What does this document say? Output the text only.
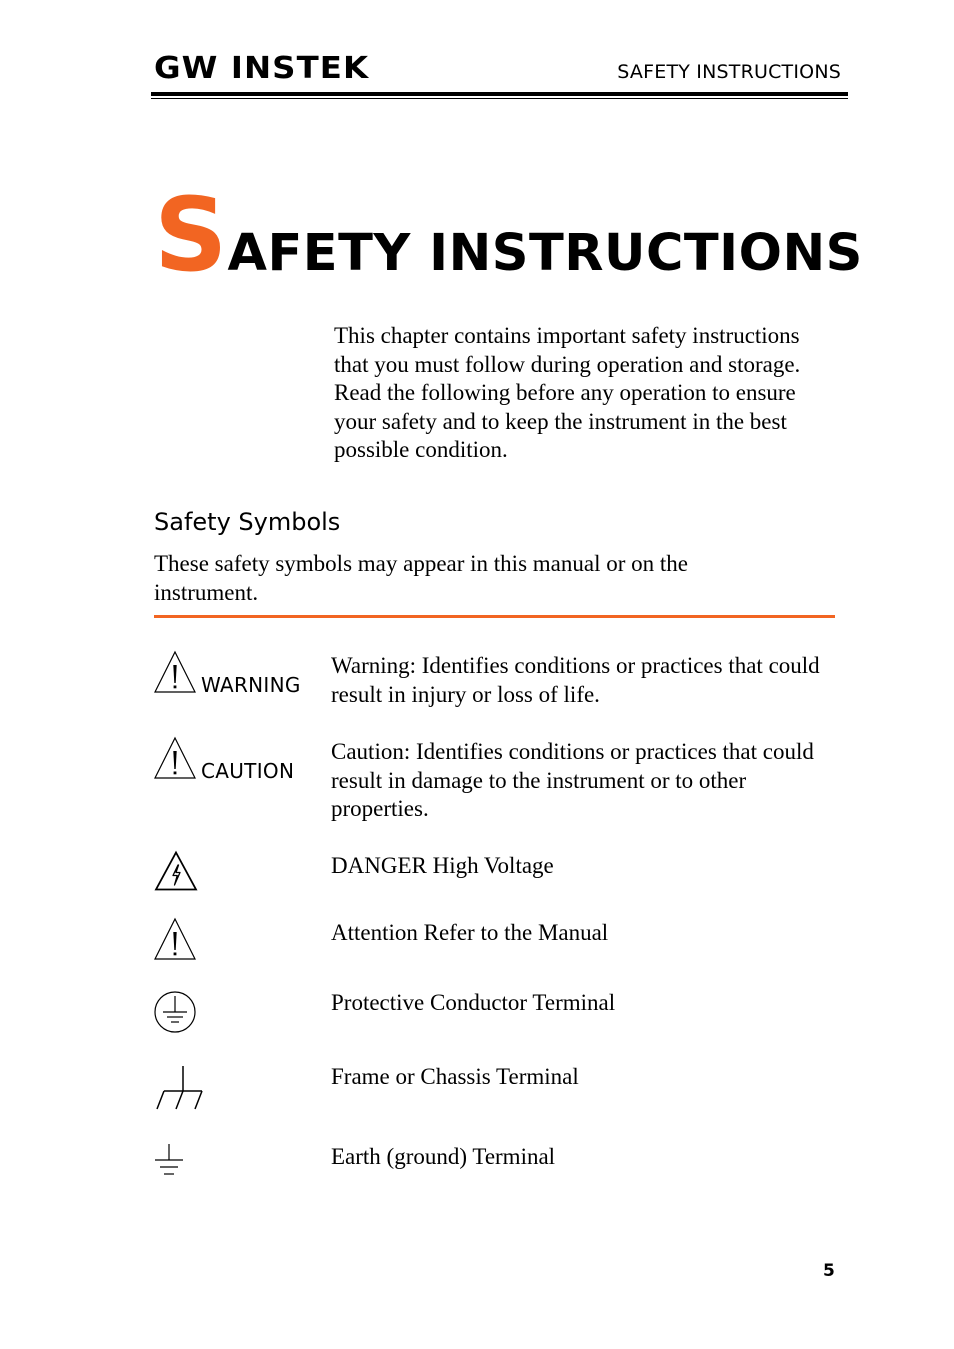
GW INSTEK	SAFETY INSTRUCTIONS
SAFETY INSTRUCTIONS
This chapter contains important safety instructions that you must follow during operation and storage. Read the following before any operation to ensure your safety and to keep the instrument in the best possible condition.
Safety Symbols
These safety symbols may appear in this manual or on the instrument.
WARNING
Warning: Identifies conditions or practices that could result in injury or loss of life.
CAUTION
Caution: Identifies conditions or practices that could result in damage to the instrument or to other properties.
DANGER High Voltage
Attention Refer to the Manual
Protective Conductor Terminal
Frame or Chassis Terminal
Earth (ground) Terminal
5
